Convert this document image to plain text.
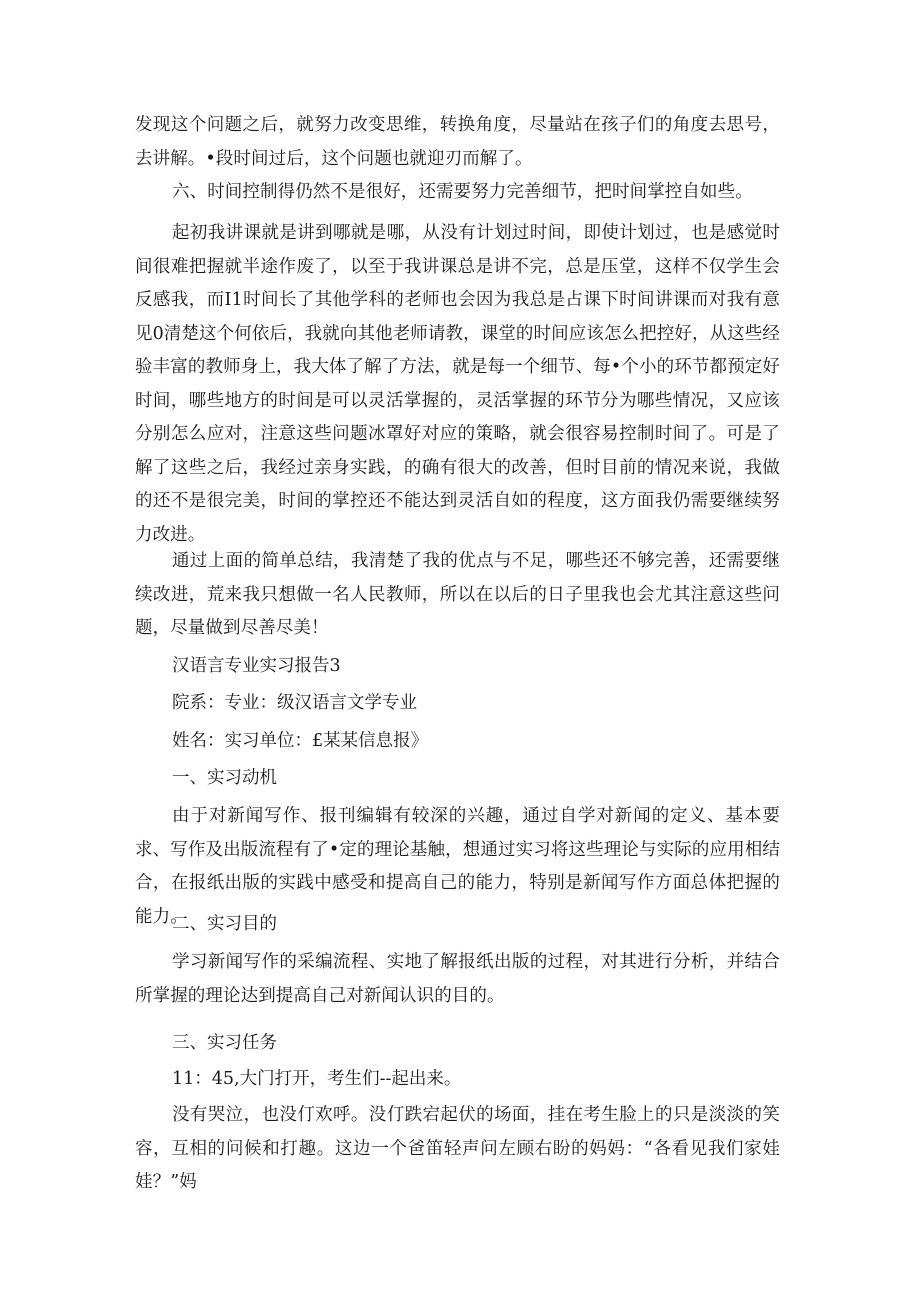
发现这个问题之后，就努力改变思维，转换角度，尽量站在孩子们的角度去思号，去讲解。•段时间过后，这个问题也就迎刃而解了。
六、时间控制得仍然不是很好，还需要努力完善细节，把时间掌控自如些。
起初我讲课就是讲到哪就是哪，从没有计划过时间，即使计划过，也是感觉时间很难把握就半途作废了，以至于我讲课总是讲不完，总是压堂，这样不仅学生会反感我，而I1时间长了其他学科的老师也会因为我总是占课下时间讲课而对我有意见0清楚这个何依后，我就向其他老师请教，课堂的时间应该怎么把控好，从这些经验丰富的教师身上，我大体了解了方法，就是每一个细节、每•个小的环节都预定好时间，哪些地方的时间是可以灵活掌握的，灵活掌握的环节分为哪些情况，又应该分别怎么应对，注意这些问题冰罩好对应的策略，就会很容易控制时间了。可是了解了这些之后，我经过亲身实践，的确有很大的改善，但时目前的情况来说，我做的还不是很完美，时间的掌控还不能达到灵活自如的程度，这方面我仍需要继续努力改进。
通过上面的简单总结，我清楚了我的优点与不足，哪些还不够完善，还需要继续改进，荒来我只想做一名人民教师，所以在以后的日子里我也会尤其注意这些问题，尽量做到尽善尽美！
汉语言专业实习报告3
院系：专业：级汉语言文学专业
姓名：实习单位：£某某信息报》
一、实习动机
由于对新闻写作、报刊编辑有较深的兴趣，通过自学对新闻的定义、基本要求、写作及出版流程有了•定的理论基触，想通过实习将这些理论与实际的应用相结合，在报纸出版的实践中感受和提高自己的能力，特别是新闻写作方面总体把握的能力。
二、实习目的
学习新闻写作的采编流程、实地了解报纸出版的过程，对其进行分析，并结合所掌握的理论达到提高自己对新闻认识的目的。
三、实习任务
11：45,大门打开，考生们--起出来。
没有哭泣，也没仃欢呼。没仃跌宕起伏的场面，挂在考生脸上的只是淡淡的笑容，互相的问候和打趣。这边一个爸笛轻声问左顾右盼的妈妈：“各看见我们家娃娃？”妈
